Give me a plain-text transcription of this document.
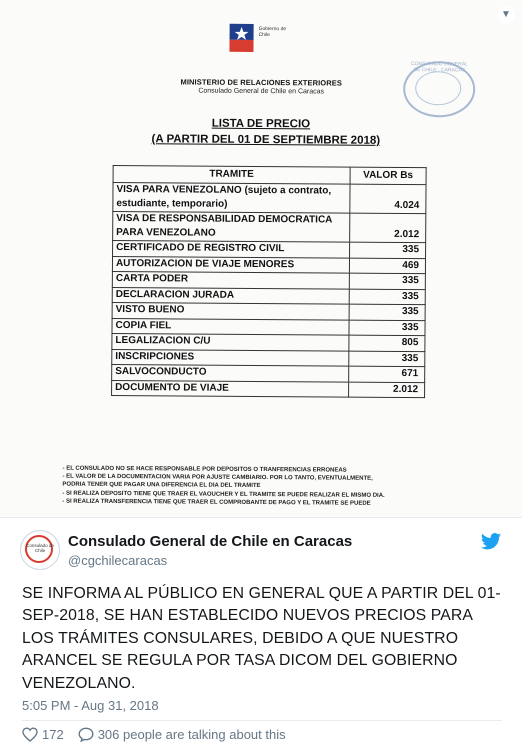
Gobierno de Chile
MINISTERIO DE RELACIONES EXTERIORES
Consulado General de Chile en Caracas
CONSULADO GENERAL DE CHILE · CARACAS
LISTA DE PRECIO
(A PARTIR DEL 01 DE SEPTIEMBRE 2018)
TRAMITE	VALOR Bs
VISA PARA VENEZOLANO (sujeto a contrato, estudiante, temporario)	4.024
VISA DE RESPONSABILIDAD DEMOCRATICA PARA VENEZOLANO	2.012
CERTIFICADO DE REGISTRO CIVIL	335
AUTORIZACION DE VIAJE MENORES	469
CARTA PODER	335
DECLARACION JURADA	335
VISTO BUENO	335
COPIA FIEL	335
LEGALIZACION C/U	805
INSCRIPCIONES	335
SALVOCONDUCTO	671
DOCUMENTO DE VIAJE	2.012
- EL CONSULADO NO SE HACE RESPONSABLE POR DEPOSITOS O TRANFERENCIAS ERRONEAS
- EL VALOR DE LA DOCUMENTACION VARIA POR AJUSTE CAMBIARIO. POR LO TANTO, EVENTUALMENTE,
PODRIA TENER QUE PAGAR UNA DIFERENCIA EL DIA DEL TRAMITE
- SI REALIZA DEPOSITO TIENE QUE TRAER EL VAOUCHER Y EL TRAMITE SE PUEDE REALIZAR EL MISMO DIA.
- SI REALIZA TRANSFERENCIA TIENE QUE TRAER EL COMPROBANTE DE PAGO Y EL TRAMITE SE PUEDE
▼
Consulado de Chile
Consulado General de Chile en Caracas
@cgchilecaracas
SE INFORMA AL PÚBLICO EN GENERAL QUE A PARTIR DEL 01-SEP-2018, SE HAN ESTABLECIDO NUEVOS PRECIOS PARA LOS TRÁMITES CONSULARES, DEBIDO A QUE NUESTRO ARANCEL SE REGULA POR TASA DICOM DEL GOBIERNO VENEZOLANO.
5:05 PM - Aug 31, 2018
172	306 people are talking about this
